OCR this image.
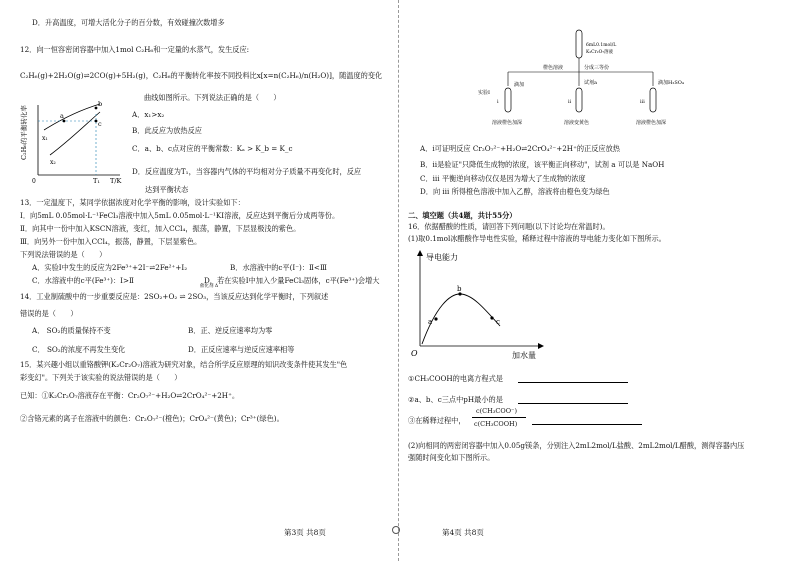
D．升高温度，可增大活化分子的百分数，有效碰撞次数增多
12．向一恒容密闭容器中加入1mol C₂H₆和一定量的水蒸气，发生反应:
C₂H₆(g)+2H₂O(g)⇌2CO(g)+5H₂(g)，C₂H₆的平衡转化率按不同投料比x[x=n(C₂H₆)/n(H₂O)]，随温度的变化
曲线如图所示。下列说法正确的是（　　）
C₂H₆的平衡转化率
T/K
T₁
a
b
c
x₁
x₂
0
A．x₁>x₂
B．此反应为放热反应
C．a、b、c点对应的平衡常数：Kₐ > K_b = K_c
D．反应温度为T₁，当容器内气体的平均相对分子质量不再变化时，反应
达到平衡状态
13．一定温度下，某同学依据浓度对化学平衡的影响，设计实验如下：
Ⅰ．向5mL 0.05mol·L⁻¹FeCl₃溶液中加入5mL 0.05mol·L⁻¹KI溶液，反应达到平衡后分成两等份。
Ⅱ．向其中一份中加入KSCN溶液，变红，加入CCl₄，振荡，静置，下层显极浅的紫色。
Ⅲ．向另外一份中加入CCl₄，振荡，静置，下层显紫色。
下列说法错误的是（　　）
A．实验Ⅰ中发生的反应为2Fe³⁺+2I⁻⇌2Fe²⁺+I₂	B．水溶液中的c平(I⁻)：Ⅱ<Ⅲ
C．水溶液中的c平(Fe³⁺)：Ⅰ>Ⅱ	D．若在实验Ⅰ中加入少量FeCl₃固体，c平(Fe³⁺)会增大
催化剂 Δ
14．工业制硫酸中的一步重要反应是：2SO₂+O₂ ⇌ 2SO₃，当该反应达到化学平衡时，下列叙述
错误的是（　　）
A． SO₂的质量保持不变	B．正、逆反应速率均为零
C． SO₂的浓度不再发生变化	D．正反应速率与逆反应速率相等
15．某兴趣小组以重铬酸钾(K₂Cr₂O₇)溶液为研究对象，结合所学反应原理的知识改变条件使其发生"色
彩变幻"。下列关于该实验的说法错误的是（　　）
已知：①K₂Cr₂O₇溶液存在平衡：Cr₂O₇²⁻+H₂O⇌2CrO₄²⁻+2H⁺。
②含铬元素的离子在溶液中的颜色：Cr₂O₇²⁻(橙色)；CrO₄²⁻(黄色)；Cr³⁺(绿色)。
6mL0.1mol/L
K₂Cr₂O₇溶液
橙色溶液	分成三等份
实验Ⅰ
滴加	试剂a	滴加H₂SO₄
ⅰ	ⅱ	ⅲ
溶液橙色加深	溶液变黄色	溶液橙色加深
A．ⅰ可证明反应 Cr₂O₇²⁻+H₂O⇌2CrO₄²⁻+2H⁺的正反应放热
B．ⅱ是验证"只降低生成物的浓度，该平衡正向移动"，试剂 a 可以是 NaOH
C．ⅲ 平衡逆向移动仅仅是因为增大了生成物的浓度
D．向 ⅲ 所得橙色溶液中加入乙醇，溶液将由橙色变为绿色
二、填空题（共4题，共计55分）
16．依据醋酸的性质，请回答下列问题(以下讨论均在常温时)。
(1)取0.1mol冰醋酸作导电性实验，稀释过程中溶液的导电能力变化如下图所示。
导电能力
加水量
O
a
b
c
①CH₃COOH的电离方程式是
②a、b、c三点中pH最小的是
③在稀释过程中，
c(CH₃COO⁻)
c(CH₃COOH)
(2)向相同的两密闭容器中加入0.05g镁条，分别注入2mL2mol/L盐酸、2mL2mol/L醋酸，测得容器内压
强随时间变化如下图所示。
第3页 共8页	第4页 共8页
